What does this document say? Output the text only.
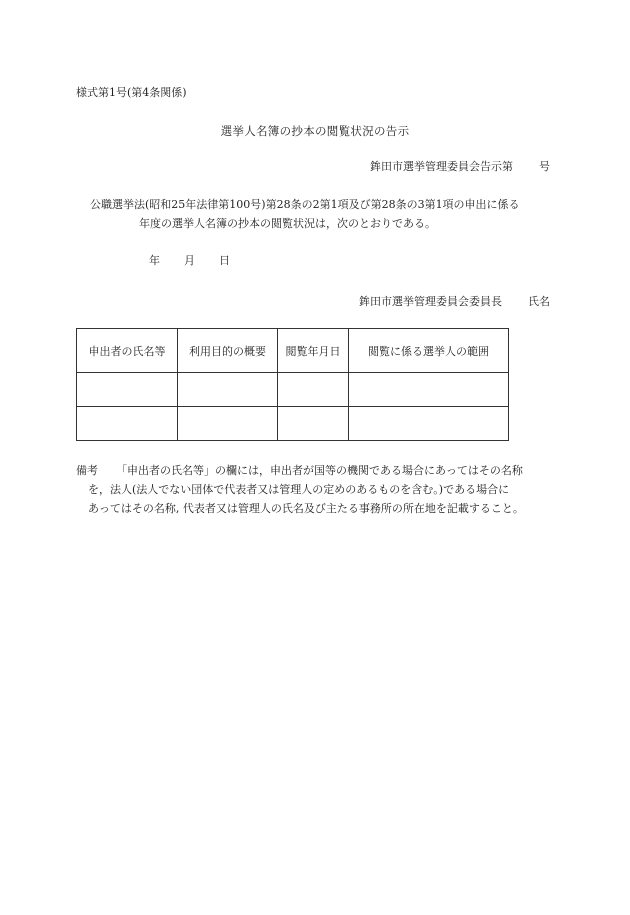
様式第1号(第4条関係)
選挙人名簿の抄本の閲覧状況の告示
鉾田市選挙管理委員会告示第 号
公職選挙法(昭和25年法律第100号)第28条の2第1項及び第28条の3第1項の申出に係る
年度の選挙人名簿の抄本の閲覧状況は，次のとおりである。
年 月 日
鉾田市選挙管理委員会委員長 氏名
申出者の氏名等	利用目的の概要	閲覧年月日	閲覧に係る選挙人の範囲

備考 「申出者の氏名等」の欄には，申出者が国等の機関である場合にあってはその名称
を，法人(法人でない団体で代表者又は管理人の定めのあるものを含む。)である場合に
あってはその名称, 代表者又は管理人の氏名及び主たる事務所の所在地を記載すること。
